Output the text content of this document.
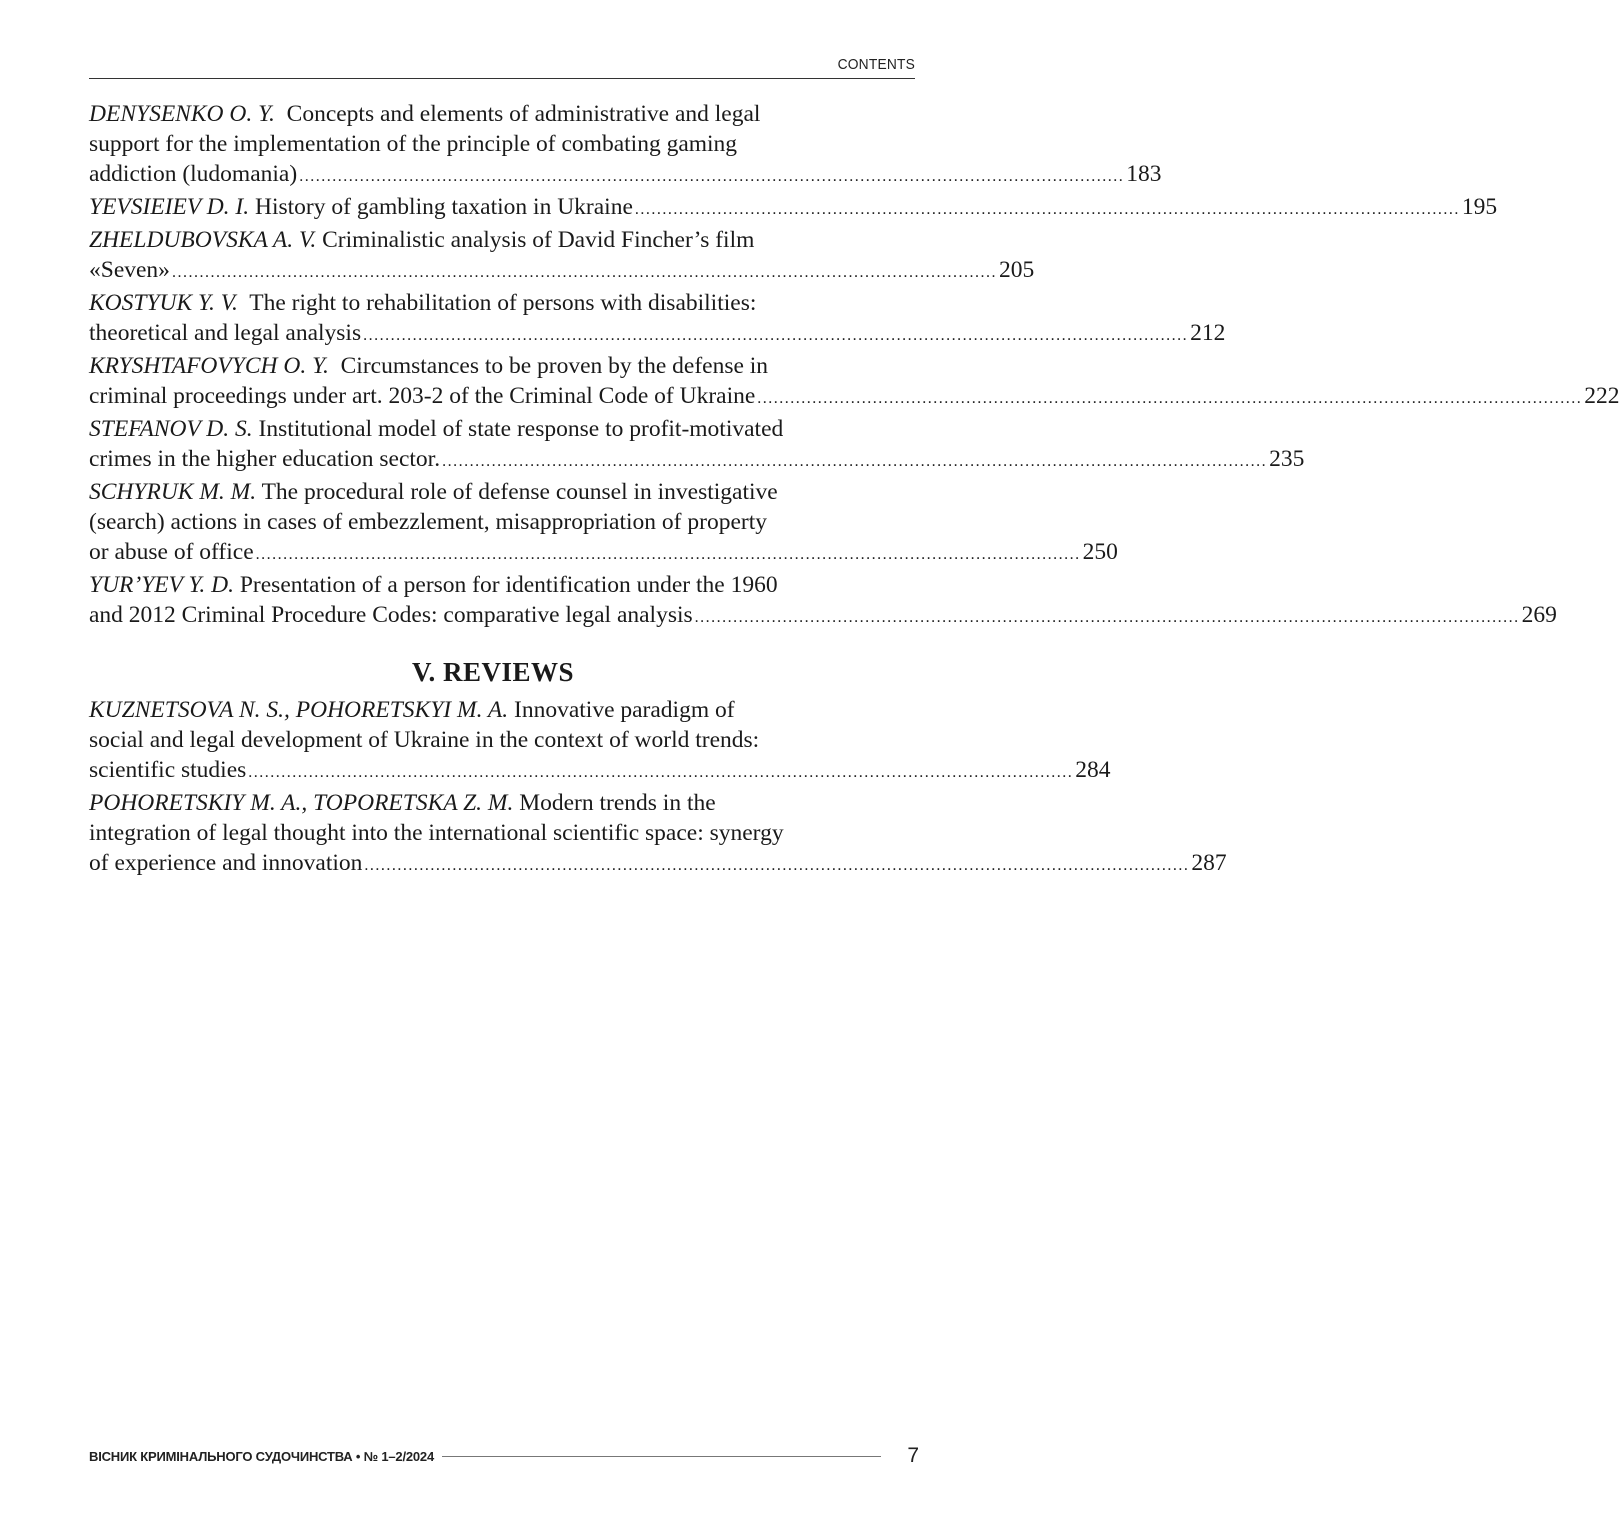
CONTENTS
DENYSENKO O. Y. Concepts and elements of administrative and legal
support for the implementation of the principle of combating gaming
addiction (ludomania) ...................................................................................................................................................... 183
YEVSIEIEV D. I. History of gambling taxation in Ukraine ...................................................................................................................................................... 195
ZHELDUBOVSKA A. V. Criminalistic analysis of David Fincher’s film
«Seven» ...................................................................................................................................................... 205
KOSTYUK Y. V. The right to rehabilitation of persons with disabilities:
theoretical and legal analysis ...................................................................................................................................................... 212
KRYSHTAFOVYCH O. Y. Circumstances to be proven by the defense in
criminal proceedings under art. 203-2 of the Criminal Code of Ukraine ...................................................................................................................................................... 222
STEFANOV D. S. Institutional model of state response to profit-motivated
crimes in the higher education sector. ...................................................................................................................................................... 235
SCHYRUK M. M. The procedural role of defense counsel in investigative
(search) actions in cases of embezzlement, misappropriation of property
or abuse of office ...................................................................................................................................................... 250
YUR’YEV Y. D. Presentation of a person for identification under the 1960
and 2012 Criminal Procedure Codes: comparative legal analysis ...................................................................................................................................................... 269
V. REVIEWS
KUZNETSOVA N. S., POHORETSKYI M. A. Innovative paradigm of
social and legal development of Ukraine in the context of world trends:
scientific studies ...................................................................................................................................................... 284
POHORETSKIY M. A., TOPORETSKA Z. M. Modern trends in the
integration of legal thought into the international scientific space: synergy
of experience and innovation ...................................................................................................................................................... 287
ВІСНИК КРИМІНАЛЬНОГО СУДОЧИНСТВА • № 1–2/2024	7
